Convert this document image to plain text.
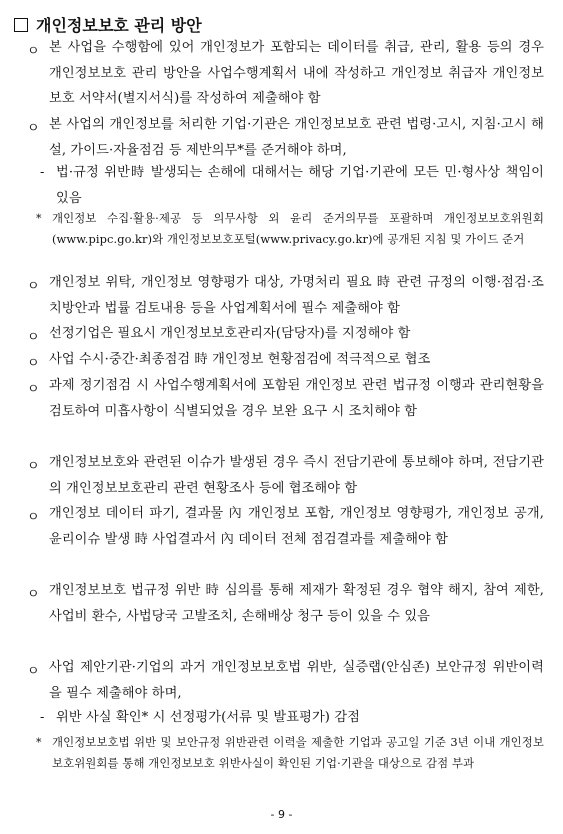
개인정보보호 관리 방안
ㅇ 본 사업을 수행함에 있어 개인정보가 포함되는 데이터를 취급, 관리, 활용 등의 경우 개인정보보호 관리 방안을 사업수행계획서 내에 작성하고 개인정보 취급자 개인정보보호 서약서(별지서식)를 작성하여 제출해야 함
ㅇ 본 사업의 개인정보를 처리한 기업·기관은 개인정보보호 관련 법령·고시, 지침·고시 해설, 가이드·자율점검 등 제반의무*를 준거해야 하며,
- 법·규정 위반時 발생되는 손해에 대해서는 해당 기업·기관에 모든 민·형사상 책임이 있음
* 개인정보 수집·활용·제공 등 의무사항 외 윤리 준거의무를 포괄하며 개인정보보호위원회(www.pipc.go.kr)와 개인정보보호포털(www.privacy.go.kr)에 공개된 지침 및 가이드 준거
ㅇ 개인정보 위탁, 개인정보 영향평가 대상, 가명처리 필요 時 관련 규정의 이행·점검·조치방안과 법률 검토내용 등을 사업계획서에 필수 제출해야 함
ㅇ 선정기업은 필요시 개인정보보호관리자(담당자)를 지정해야 함
ㅇ 사업 수시·중간·최종점검 時 개인정보 현황점검에 적극적으로 협조
ㅇ 과제 정기점검 시 사업수행계획서에 포함된 개인정보 관련 법규정 이행과 관리현황을 검토하여 미흡사항이 식별되었을 경우 보완 요구 시 조치해야 함
ㅇ 개인정보보호와 관련된 이슈가 발생된 경우 즉시 전담기관에 통보해야 하며, 전담기관의 개인정보보호관리 관련 현황조사 등에 협조해야 함
ㅇ 개인정보 데이터 파기, 결과물 內 개인정보 포함, 개인정보 영향평가, 개인정보 공개, 윤리이슈 발생 時 사업결과서 內 데이터 전체 점검결과를 제출해야 함
ㅇ 개인정보보호 법규정 위반 時 심의를 통해 제재가 확정된 경우 협약 해지, 참여 제한, 사업비 환수, 사법당국 고발조치, 손해배상 청구 등이 있을 수 있음
ㅇ 사업 제안기관·기업의 과거 개인정보보호법 위반, 실증랩(안심존) 보안규정 위반이력을 필수 제출해야 하며,
- 위반 사실 확인* 시 선정평가(서류 및 발표평가) 감점
* 개인정보보호법 위반 및 보안규정 위반관련 이력을 제출한 기업과 공고일 기준 3년 이내 개인정보보호위원회를 통해 개인정보보호 위반사실이 확인된 기업·기관을 대상으로 감점 부과
- 9 -
